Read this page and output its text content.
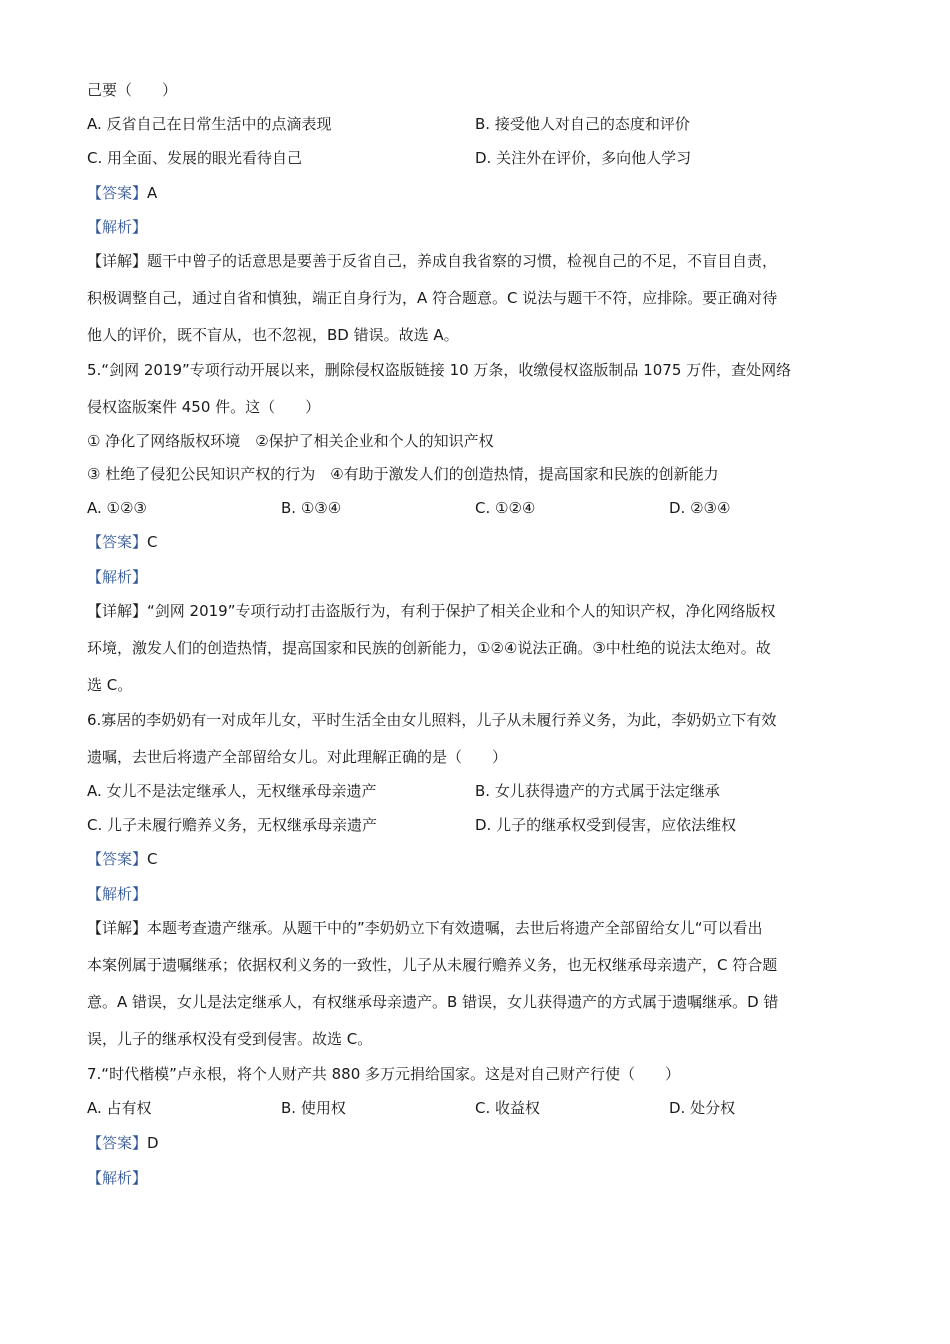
己要（　　）
A. 反省自己在日常生活中的点滴表现	B. 接受他人对自己的态度和评价
C. 用全面、发展的眼光看待自己	D. 关注外在评价，多向他人学习
【答案】A
【解析】
【详解】题干中曾子的话意思是要善于反省自己，养成自我省察的习惯，检视自己的不足，不盲目自责，
积极调整自己，通过自省和慎独，端正自身行为，A 符合题意。C 说法与题干不符，应排除。要正确对待
他人的评价，既不盲从，也不忽视，BD 错误。故选 A。
5.“剑网 2019”专项行动开展以来，删除侵权盗版链接 10 万条，收缴侵权盗版制品 1075 万件，查处网络
侵权盗版案件 450 件。这（　　）
① 净化了网络版权环境　②保护了相关企业和个人的知识产权
③ 杜绝了侵犯公民知识产权的行为　④有助于激发人们的创造热情，提高国家和民族的创新能力
A. ①②③	B. ①③④	C. ①②④	D. ②③④
【答案】C
【解析】
【详解】“剑网 2019”专项行动打击盗版行为，有利于保护了相关企业和个人的知识产权，净化网络版权
环境，激发人们的创造热情，提高国家和民族的创新能力，①②④说法正确。③中杜绝的说法太绝对。故
选 C。
6.寡居的李奶奶有一对成年儿女，平时生活全由女儿照料，儿子从未履行养义务，为此，李奶奶立下有效
遗嘱，去世后将遗产全部留给女儿。对此理解正确的是（　　）
A. 女儿不是法定继承人，无权继承母亲遗产	B. 女儿获得遗产的方式属于法定继承
C. 儿子未履行赡养义务，无权继承母亲遗产	D. 儿子的继承权受到侵害，应依法维权
【答案】C
【解析】
【详解】本题考查遗产继承。从题干中的”李奶奶立下有效遗嘱，去世后将遗产全部留给女儿“可以看出
本案例属于遗嘱继承；依据权利义务的一致性，儿子从未履行赡养义务，也无权继承母亲遗产，C 符合题
意。A 错误，女儿是法定继承人，有权继承母亲遗产。B 错误，女儿获得遗产的方式属于遗嘱继承。D 错
误，儿子的继承权没有受到侵害。故选 C。
7.“时代楷模”卢永根，将个人财产共 880 多万元捐给国家。这是对自己财产行使（　　）
A. 占有权	B. 使用权	C. 收益权	D. 处分权
【答案】D
【解析】
